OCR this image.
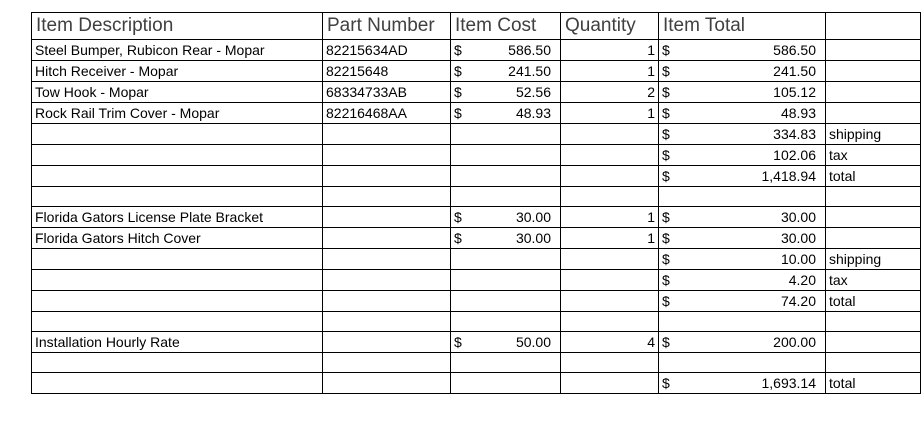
Item Description	Part Number	Item Cost	Quantity	Item Total	
Steel Bumper, Rubicon Rear - Mopar	82215634AD	$ 586.50	1	$ 586.50	

Hitch Receiver - Mopar	82215648	$ 241.50	1	$ 241.50	

Tow Hook - Mopar	68334733AB	$ 52.56	2	$ 105.12	

Rock Rail Trim Cover - Mopar	82216468AA	$ 48.93	1	$ 48.93	

				$ 334.83	shipping

				$ 102.06	tax

				$ 1,418.94	total

Florida Gators License Plate Bracket		$ 30.00	1	$ 30.00	

Florida Gators Hitch Cover		$ 30.00	1	$ 30.00	

				$ 10.00	shipping

				$ 4.20	tax

				$ 74.20	total

Installation Hourly Rate		$ 50.00	4	$ 200.00	

				$ 1,693.14	total
